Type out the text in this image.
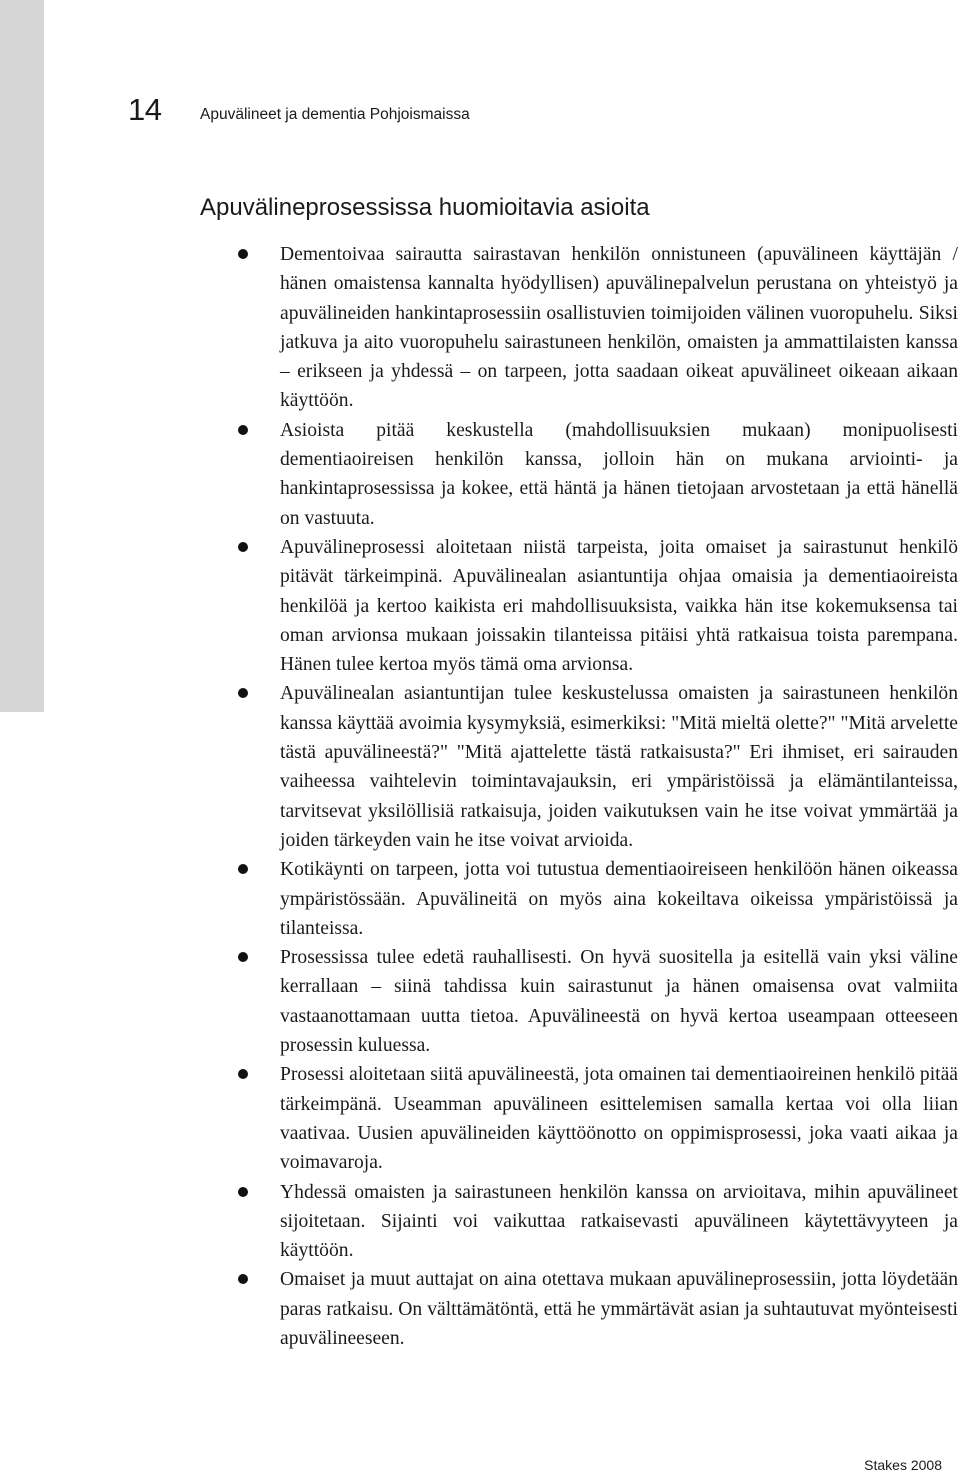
14 Apuvälineet ja dementia Pohjoismaissa
Apuvälineprosessissa huomioitavia asioita
Dementoivaa sairautta sairastavan henkilön onnistuneen (apuvälineen käyttäjän / hänen omaistensa kannalta hyödyllisen) apuvälinepalvelun perustana on yhteistyö ja apuvälineiden hankintaprosessiin osallistuvien toimijoiden välinen vuoropuhelu. Siksi jatkuva ja aito vuoropuhelu sairastuneen henkilön, omaisten ja ammattilaisten kanssa – erikseen ja yhdessä – on tarpeen, jotta saadaan oikeat apuvälineet oikeaan aikaan käyttöön.
Asioista pitää keskustella (mahdollisuuksien mukaan) monipuolisesti dementiaoireisen henkilön kanssa, jolloin hän on mukana arviointi- ja hankintaprosessissa ja kokee, että häntä ja hänen tietojaan arvostetaan ja että hänellä on vastuuta.
Apuvälineprosessi aloitetaan niistä tarpeista, joita omaiset ja sairastunut henkilö pitävät tärkeimpinä. Apuvälinealan asiantuntija ohjaa omaisia ja dementiaoireista henkilöä ja kertoo kaikista eri mahdollisuuksista, vaikka hän itse kokemuksensa tai oman arvionsa mukaan joissakin tilanteissa pitäisi yhtä ratkaisua toista parempana. Hänen tulee kertoa myös tämä oma arvionsa.
Apuvälinealan asiantuntijan tulee keskustelussa omaisten ja sairastuneen henkilön kanssa käyttää avoimia kysymyksiä, esimerkiksi: "Mitä mieltä olette?" "Mitä arvelette tästä apuvälineestä?" "Mitä ajattelette tästä ratkaisusta?" Eri ihmiset, eri sairauden vaiheessa vaihtelevin toimintavajauksin, eri ympäristöissä ja elämäntilanteissa, tarvitsevat yksilöllisiä ratkaisuja, joiden vaikutuksen vain he itse voivat ymmärtää ja joiden tärkeyden vain he itse voivat arvioida.
Kotikäynti on tarpeen, jotta voi tutustua dementiaoireiseen henkilöön hänen oikeassa ympäristössään. Apuvälineitä on myös aina kokeiltava oikeissa ympäristöissä ja tilanteissa.
Prosessissa tulee edetä rauhallisesti. On hyvä suositella ja esitellä vain yksi väline kerrallaan – siinä tahdissa kuin sairastunut ja hänen omaisensa ovat valmiita vastaanottamaan uutta tietoa. Apuvälineestä on hyvä kertoa useampaan otteeseen prosessin kuluessa.
Prosessi aloitetaan siitä apuvälineestä, jota omainen tai dementiaoireinen henkilö pitää tärkeimpänä. Useamman apuvälineen esittelemisen samalla kertaa voi olla liian vaativaa. Uusien apuvälineiden käyttöönotto on oppimisprosessi, joka vaati aikaa ja voimavaroja.
Yhdessä omaisten ja sairastuneen henkilön kanssa on arvioitava, mihin apuvälineet sijoitetaan. Sijainti voi vaikuttaa ratkaisevasti apuvälineen käytettävyyteen ja käyttöön.
Omaiset ja muut auttajat on aina otettava mukaan apuvälineprosessiin, jotta löydetään paras ratkaisu. On välttämätöntä, että he ymmärtävät asian ja suhtautuvat myönteisesti apuvälineeseen.
Stakes 2008
